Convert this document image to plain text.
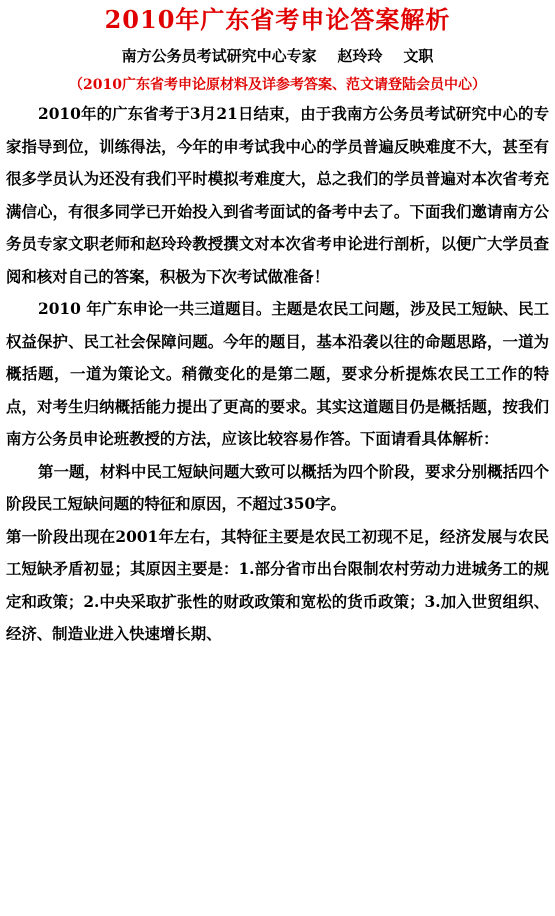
2010年广东省考申论答案解析
南方公务员考试研究中心专家    赵玲玲    文职
（2010广东省考申论原材料及详参考答案、范文请登陆会员中心）

2010年的广东省考于3月21日结束，由于我南方公务员考试研究中心的专家指导到位，训练得法，今年的申考试我中心的学员普遍反映难度不大，甚至有很多学员认为还没有我们平时模拟考难度大，总之我们的学员普遍对本次省考充满信心，有很多同学已开始投入到省考面试的备考中去了。下面我们邀请南方公务员专家文职老师和赵玲玲教授撰文对本次省考申论进行剖析，以便广大学员查阅和核对自己的答案，积极为下次考试做准备！

2010 年广东申论一共三道题目。主题是农民工问题，涉及民工短缺、民工权益保护、民工社会保障问题。今年的题目，基本沿袭以往的命题思路，一道为概括题，一道为策论文。稍微变化的是第二题，要求分析提炼农民工工作的特点，对考生归纳概括能力提出了更高的要求。其实这道题目仍是概括题，按我们南方公务员申论班教授的方法，应该比较容易作答。下面请看具体解析：

第一题，材料中民工短缺问题大致可以概括为四个阶段，要求分别概括四个阶段民工短缺问题的特征和原因，不超过350字。

第一阶段出现在2001年左右，其特征主要是农民工初现不足，经济发展与农民工短缺矛盾初显；其原因主要是：1.部分省市出台限制农村劳动力进城务工的规定和政策；2.中央采取扩张性的财政政策和宽松的货币政策；3.加入世贸组织、经济、制造业进入快速增长期、
